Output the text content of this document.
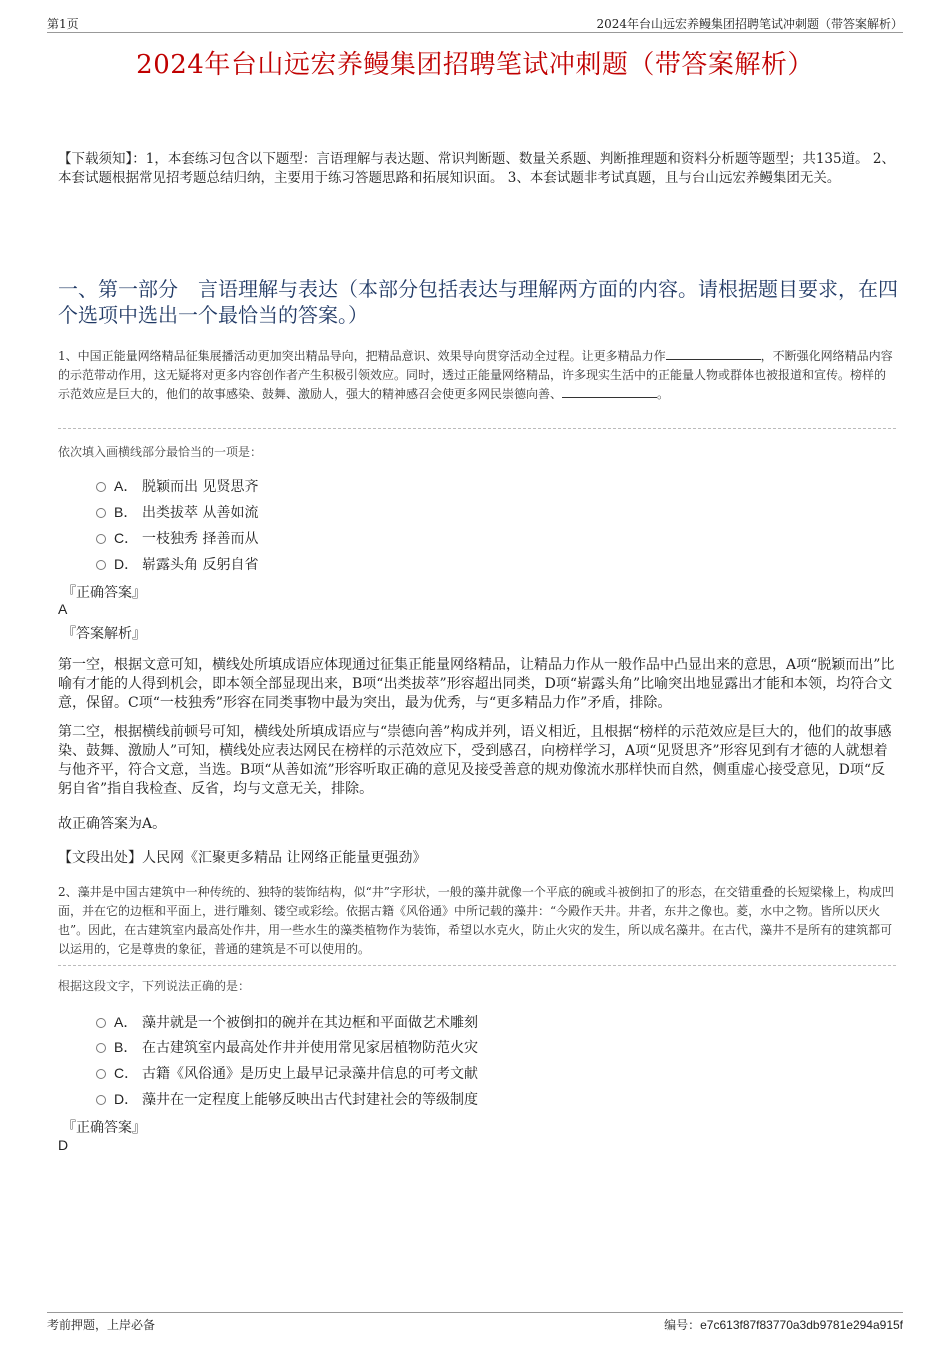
第1页	2024年台山远宏养鳗集团招聘笔试冲刺题（带答案解析）
2024年台山远宏养鳗集团招聘笔试冲刺题（带答案解析）
【下载须知】：1，本套练习包含以下题型：言语理解与表达题、常识判断题、数量关系题、判断推理题和资料分析题等题型；共135道。 2、本套试题根据常见招考题总结归纳，主要用于练习答题思路和拓展知识面。 3、本套试题非考试真题，且与台山远宏养鳗集团无关。
一、第一部分　言语理解与表达（本部分包括表达与理解两方面的内容。请根据题目要求，在四个选项中选出一个最恰当的答案。）
1、中国正能量网络精品征集展播活动更加突出精品导向，把精品意识、效果导向贯穿活动全过程。让更多精品力作	，不断强化网络精品内容的示范带动作用，这无疑将对更多内容创作者产生积极引领效应。同时，透过正能量网络精品，许多现实生活中的正能量人物或群体也被报道和宣传。榜样的示范效应是巨大的，他们的故事感染、鼓舞、激励人，强大的精神感召会使更多网民崇德向善、	。
依次填入画横线部分最恰当的一项是：
A． 脱颖而出 见贤思齐
B． 出类拔萃 从善如流
C． 一枝独秀 择善而从
D． 崭露头角 反躬自省
『正确答案』
A
『答案解析』
第一空，根据文意可知，横线处所填成语应体现通过征集正能量网络精品，让精品力作从一般作品中凸显出来的意思，A项“脱颖而出”比喻有才能的人得到机会，即本领全部显现出来，B项“出类拔萃”形容超出同类，D项“崭露头角”比喻突出地显露出才能和本领，均符合文意，保留。C项“一枝独秀”形容在同类事物中最为突出，最为优秀，与“更多精品力作”矛盾，排除。
第二空，根据横线前顿号可知，横线处所填成语应与“崇德向善”构成并列，语义相近，且根据“榜样的示范效应是巨大的，他们的故事感染、鼓舞、激励人”可知，横线处应表达网民在榜样的示范效应下，受到感召，向榜样学习，A项“见贤思齐”形容见到有才德的人就想着与他齐平，符合文意，当选。B项“从善如流”形容听取正确的意见及接受善意的规劝像流水那样快而自然，侧重虚心接受意见，D项“反躬自省”指自我检查、反省，均与文意无关，排除。
故正确答案为A。
【文段出处】人民网《汇聚更多精品 让网络正能量更强劲》
2、藻井是中国古建筑中一种传统的、独特的装饰结构，似“井”字形状，一般的藻井就像一个平底的碗或斗被倒扣了的形态，在交错重叠的长短梁椽上，构成凹面，并在它的边框和平面上，进行雕刻、镂空或彩绘。依据古籍《风俗通》中所记载的藻井：“今殿作天井。井者，东井之像也。菱，水中之物。皆所以厌火也”。因此，在古建筑室内最高处作井，用一些水生的藻类植物作为装饰，希望以水克火，防止火灾的发生，所以成名藻井。在古代，藻井不是所有的建筑都可以运用的，它是尊贵的象征，普通的建筑是不可以使用的。
根据这段文字，下列说法正确的是：
A． 藻井就是一个被倒扣的碗并在其边框和平面做艺术雕刻
B． 在古建筑室内最高处作井并使用常见家居植物防范火灾
C． 古籍《风俗通》是历史上最早记录藻井信息的可考文献
D． 藻井在一定程度上能够反映出古代封建社会的等级制度
『正确答案』
D
考前押题，上岸必备	编号：e7c613f87f83770a3db9781e294a915f
